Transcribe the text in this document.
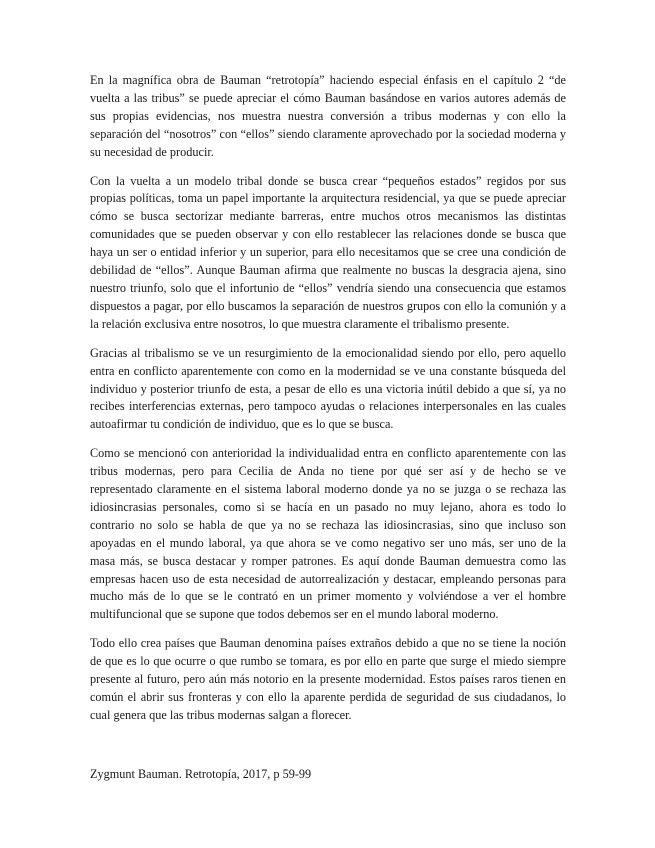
En la magnífica obra de Bauman “retrotopía” haciendo especial énfasis en el capítulo 2 “de vuelta a las tribus” se puede apreciar el cómo Bauman basándose en varios autores además de sus propias evidencias, nos muestra nuestra conversión a tribus modernas y con ello la separación del “nosotros” con “ellos” siendo claramente aprovechado por la sociedad moderna y su necesidad de producir.

Con la vuelta a un modelo tribal donde se busca crear “pequeños estados” regidos por sus propias políticas, toma un papel importante la arquitectura residencial, ya que se puede apreciar cómo se busca sectorizar mediante barreras, entre muchos otros mecanismos las distintas comunidades que se pueden observar y con ello restablecer las relaciones donde se busca que haya un ser o entidad inferior y un superior, para ello necesitamos que se cree una condición de debilidad de “ellos”. Aunque Bauman afirma que realmente no buscas la desgracia ajena, sino nuestro triunfo, solo que el infortunio de “ellos” vendría siendo una consecuencia que estamos dispuestos a pagar, por ello buscamos la separación de nuestros grupos con ello la comunión y a la relación exclusiva entre nosotros, lo que muestra claramente el tribalismo presente.

Gracias al tribalismo se ve un resurgimiento de la emocionalidad siendo por ello, pero aquello entra en conflicto aparentemente con como en la modernidad se ve una constante búsqueda del individuo y posterior triunfo de esta, a pesar de ello es una victoria inútil debido a que sí, ya no recibes interferencias externas, pero tampoco ayudas o relaciones interpersonales en las cuales autoafirmar tu condición de individuo, que es lo que se busca.

Como se mencionó con anterioridad la individualidad entra en conflicto aparentemente con las tribus modernas, pero para Cecilia de Anda no tiene por qué ser así y de hecho se ve representado claramente en el sistema laboral moderno donde ya no se juzga o se rechaza las idiosincrasias personales, como si se hacía en un pasado no muy lejano, ahora es todo lo contrario no solo se habla de que ya no se rechaza las idiosincrasias, sino que incluso son apoyadas en el mundo laboral, ya que ahora se ve como negativo ser uno más, ser uno de la masa más, se busca destacar y romper patrones. Es aquí donde Bauman demuestra como las empresas hacen uso de esta necesidad de autorrealización y destacar, empleando personas para mucho más de lo que se le contrató en un primer momento y volviéndose a ver el hombre multifuncional que se supone que todos debemos ser en el mundo laboral moderno.

Todo ello crea países que Bauman denomina países extraños debido a que no se tiene la noción de que es lo que ocurre o que rumbo se tomara, es por ello en parte que surge el miedo siempre presente al futuro, pero aún más notorio en la presente modernidad. Estos países raros tienen en común el abrir sus fronteras y con ello la aparente perdida de seguridad de sus ciudadanos, lo cual genera que las tribus modernas salgan a florecer.

Zygmunt Bauman. Retrotopía, 2017, p 59-99
